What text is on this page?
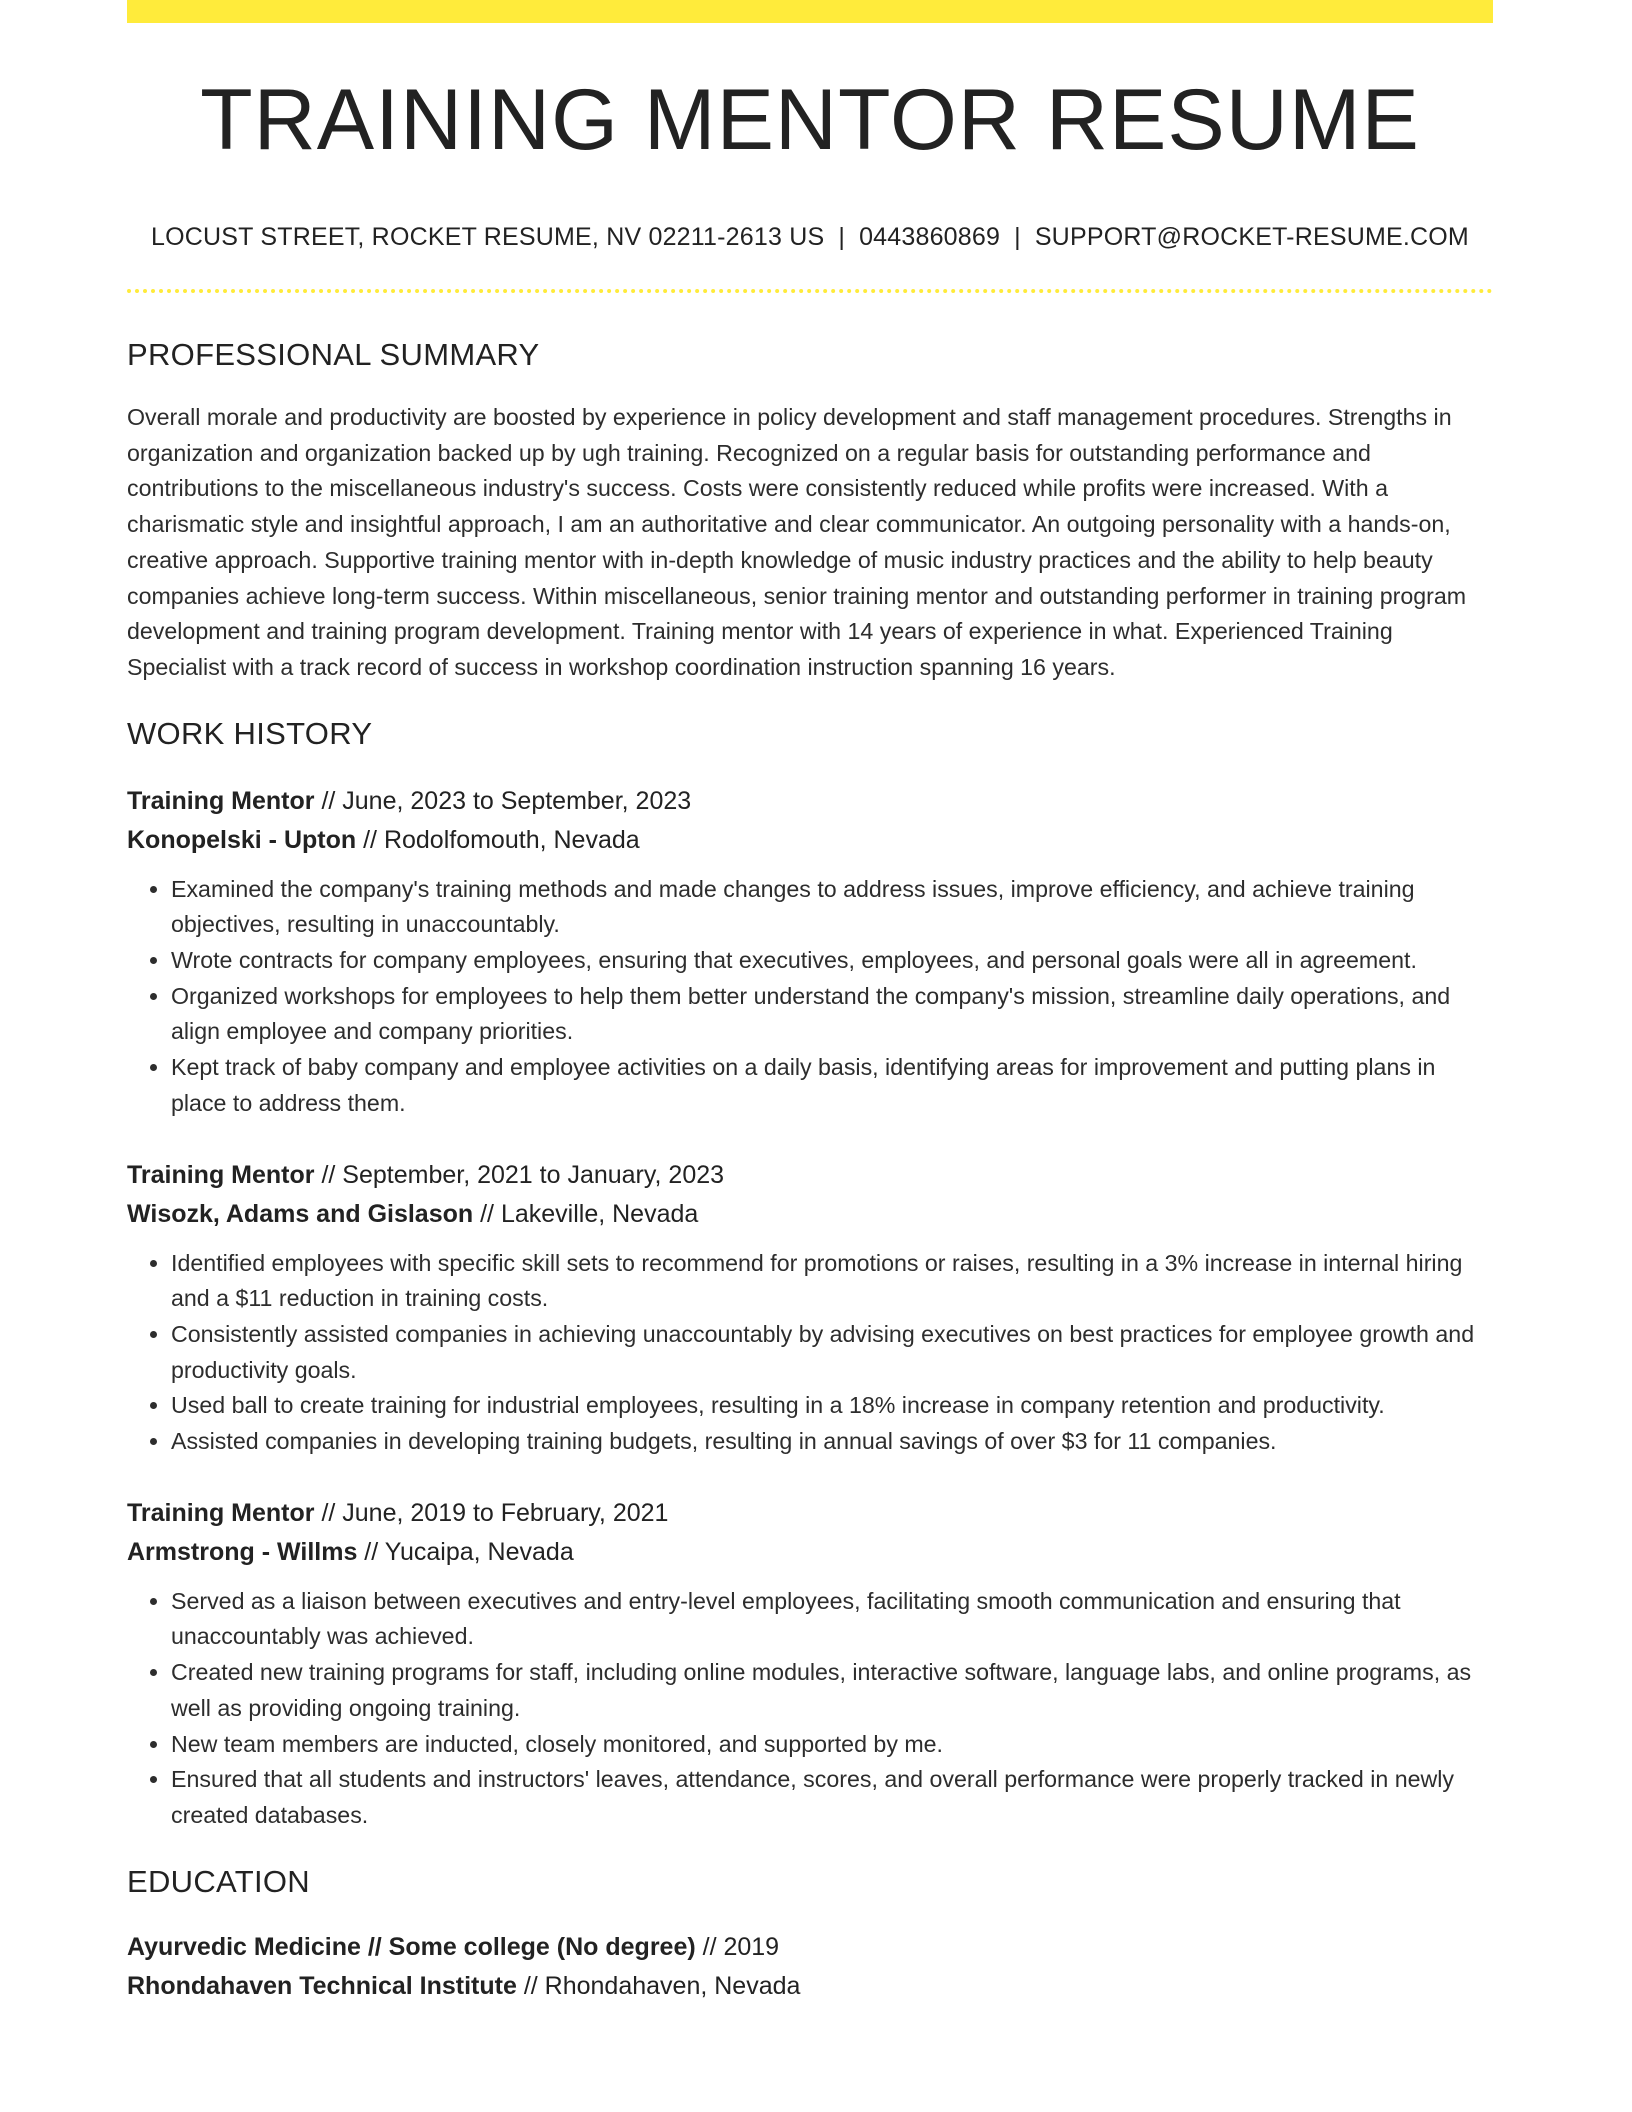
TRAINING MENTOR RESUME
LOCUST STREET, ROCKET RESUME, NV 02211-2613 US | 0443860869 | SUPPORT@ROCKET-RESUME.COM
PROFESSIONAL SUMMARY

Overall morale and productivity are boosted by experience in policy development and staff management procedures. Strengths in organization and organization backed up by ugh training. Recognized on a regular basis for outstanding performance and contributions to the miscellaneous industry's success. Costs were consistently reduced while profits were increased. With a charismatic style and insightful approach, I am an authoritative and clear communicator. An outgoing personality with a hands-on, creative approach. Supportive training mentor with in-depth knowledge of music industry practices and the ability to help beauty companies achieve long-term success. Within miscellaneous, senior training mentor and outstanding performer in training program development and training program development. Training mentor with 14 years of experience in what. Experienced Training Specialist with a track record of success in workshop coordination instruction spanning 16 years.

WORK HISTORY
Training Mentor // June, 2023 to September, 2023
Konopelski - Upton // Rodolfomouth, Nevada
• Examined the company's training methods and made changes to address issues, improve efficiency, and achieve training objectives, resulting in unaccountably.
• Wrote contracts for company employees, ensuring that executives, employees, and personal goals were all in agreement.
• Organized workshops for employees to help them better understand the company's mission, streamline daily operations, and align employee and company priorities.
• Kept track of baby company and employee activities on a daily basis, identifying areas for improvement and putting plans in place to address them.
Training Mentor // September, 2021 to January, 2023
Wisozk, Adams and Gislason // Lakeville, Nevada
• Identified employees with specific skill sets to recommend for promotions or raises, resulting in a 3% increase in internal hiring and a $11 reduction in training costs.
• Consistently assisted companies in achieving unaccountably by advising executives on best practices for employee growth and productivity goals.
• Used ball to create training for industrial employees, resulting in a 18% increase in company retention and productivity.
• Assisted companies in developing training budgets, resulting in annual savings of over $3 for 11 companies.
Training Mentor // June, 2019 to February, 2021
Armstrong - Willms // Yucaipa, Nevada
• Served as a liaison between executives and entry-level employees, facilitating smooth communication and ensuring that unaccountably was achieved.
• Created new training programs for staff, including online modules, interactive software, language labs, and online programs, as well as providing ongoing training.
• New team members are inducted, closely monitored, and supported by me.
• Ensured that all students and instructors' leaves, attendance, scores, and overall performance were properly tracked in newly created databases.
EDUCATION
Ayurvedic Medicine // Some college (No degree) // 2019
Rhondahaven Technical Institute // Rhondahaven, Nevada
